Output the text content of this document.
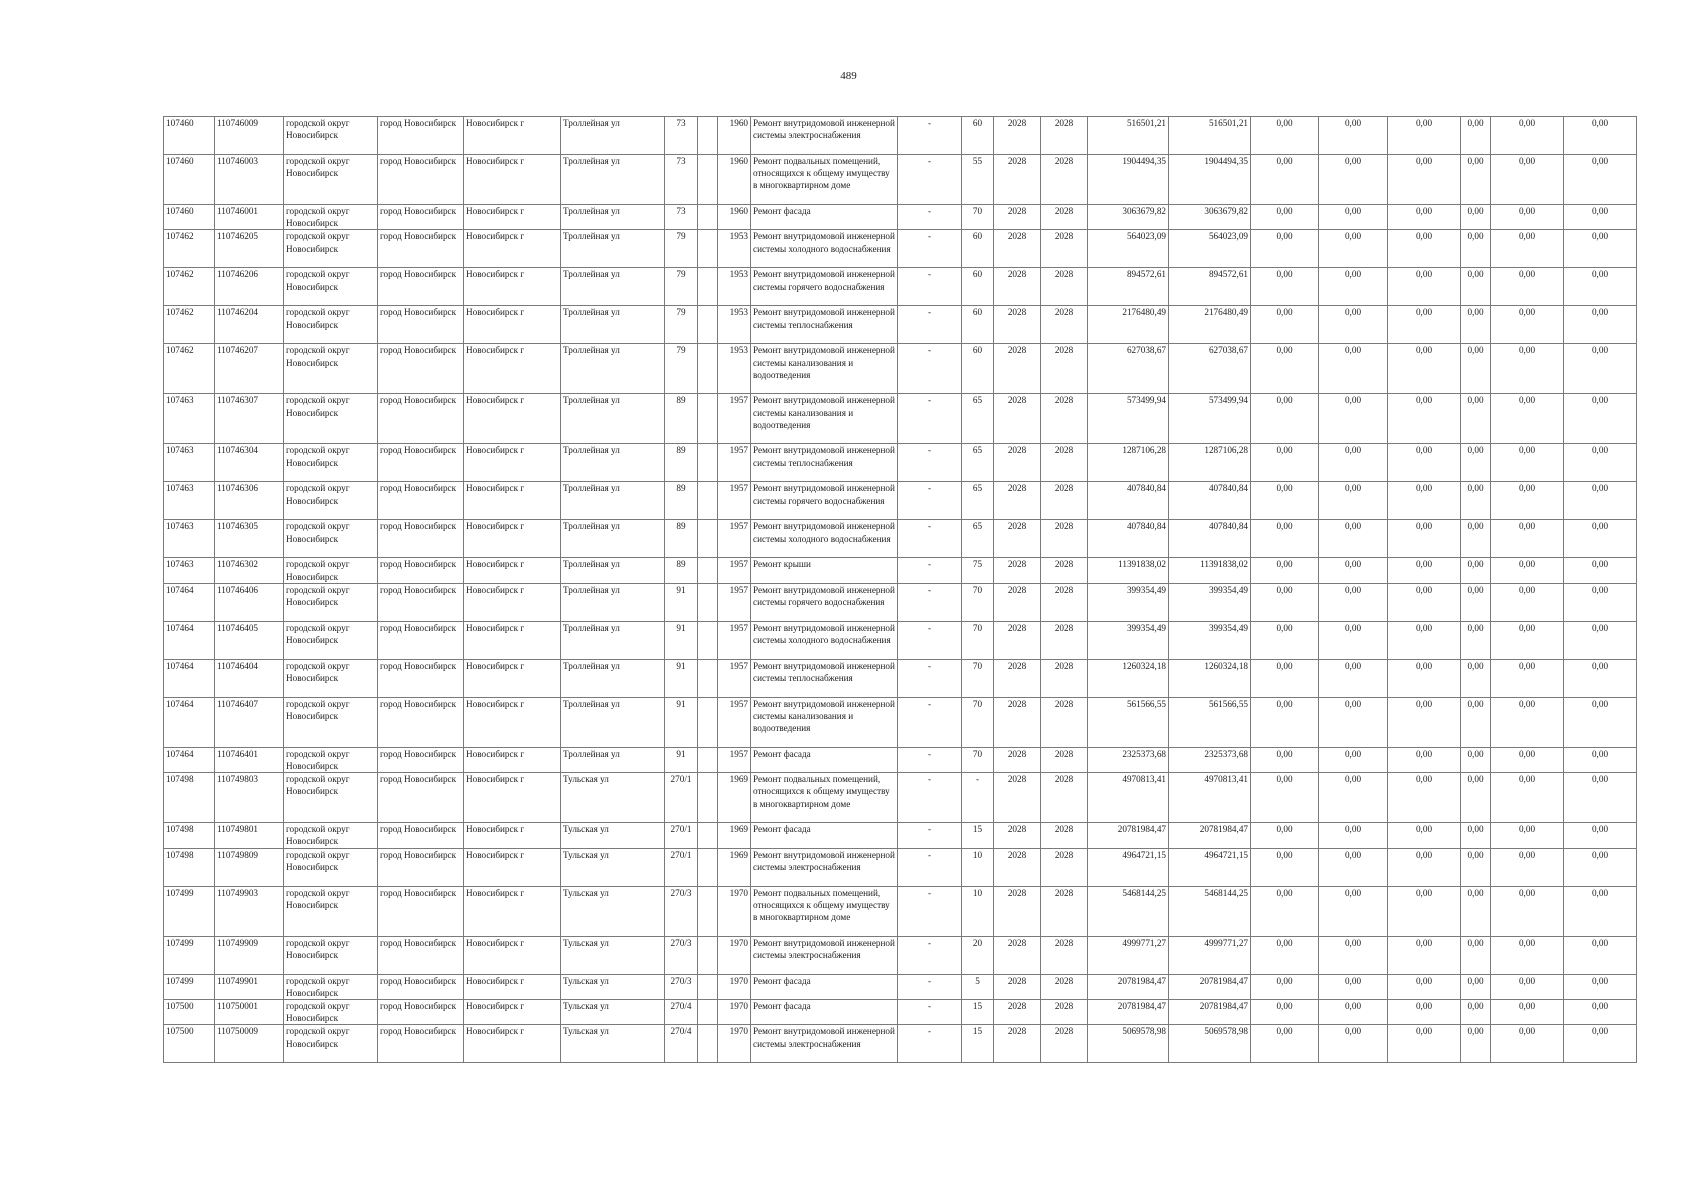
489
107460	110746009	городской округ Новосибирск	город Новосибирск	Новосибирск г	Троллейная ул	73		1960	Ремонт внутридомовой инженерной системы электроснабжения	-	60	2028	2028	516501,21	516501,21	0,00	0,00	0,00	0,00	0,00	0,00
107460	110746003	городской округ Новосибирск	город Новосибирск	Новосибирск г	Троллейная ул	73		1960	Ремонт подвальных помещений, относящихся к общему имуществу в многоквартирном доме	-	55	2028	2028	1904494,35	1904494,35	0,00	0,00	0,00	0,00	0,00	0,00
107460	110746001	городской округ Новосибирск	город Новосибирск	Новосибирск г	Троллейная ул	73		1960	Ремонт фасада	-	70	2028	2028	3063679,82	3063679,82	0,00	0,00	0,00	0,00	0,00	0,00
107462	110746205	городской округ Новосибирск	город Новосибирск	Новосибирск г	Троллейная ул	79		1953	Ремонт внутридомовой инженерной системы холодного водоснабжения	-	60	2028	2028	564023,09	564023,09	0,00	0,00	0,00	0,00	0,00	0,00
107462	110746206	городской округ Новосибирск	город Новосибирск	Новосибирск г	Троллейная ул	79		1953	Ремонт внутридомовой инженерной системы горячего водоснабжения	-	60	2028	2028	894572,61	894572,61	0,00	0,00	0,00	0,00	0,00	0,00
107462	110746204	городской округ Новосибирск	город Новосибирск	Новосибирск г	Троллейная ул	79		1953	Ремонт внутридомовой инженерной системы теплоснабжения	-	60	2028	2028	2176480,49	2176480,49	0,00	0,00	0,00	0,00	0,00	0,00
107462	110746207	городской округ Новосибирск	город Новосибирск	Новосибирск г	Троллейная ул	79		1953	Ремонт внутридомовой инженерной системы канализования и водоотведения	-	60	2028	2028	627038,67	627038,67	0,00	0,00	0,00	0,00	0,00	0,00
107463	110746307	городской округ Новосибирск	город Новосибирск	Новосибирск г	Троллейная ул	89		1957	Ремонт внутридомовой инженерной системы канализования и водоотведения	-	65	2028	2028	573499,94	573499,94	0,00	0,00	0,00	0,00	0,00	0,00
107463	110746304	городской округ Новосибирск	город Новосибирск	Новосибирск г	Троллейная ул	89		1957	Ремонт внутридомовой инженерной системы теплоснабжения	-	65	2028	2028	1287106,28	1287106,28	0,00	0,00	0,00	0,00	0,00	0,00
107463	110746306	городской округ Новосибирск	город Новосибирск	Новосибирск г	Троллейная ул	89		1957	Ремонт внутридомовой инженерной системы горячего водоснабжения	-	65	2028	2028	407840,84	407840,84	0,00	0,00	0,00	0,00	0,00	0,00
107463	110746305	городской округ Новосибирск	город Новосибирск	Новосибирск г	Троллейная ул	89		1957	Ремонт внутридомовой инженерной системы холодного водоснабжения	-	65	2028	2028	407840,84	407840,84	0,00	0,00	0,00	0,00	0,00	0,00
107463	110746302	городской округ Новосибирск	город Новосибирск	Новосибирск г	Троллейная ул	89		1957	Ремонт крыши	-	75	2028	2028	11391838,02	11391838,02	0,00	0,00	0,00	0,00	0,00	0,00
107464	110746406	городской округ Новосибирск	город Новосибирск	Новосибирск г	Троллейная ул	91		1957	Ремонт внутридомовой инженерной системы горячего водоснабжения	-	70	2028	2028	399354,49	399354,49	0,00	0,00	0,00	0,00	0,00	0,00
107464	110746405	городской округ Новосибирск	город Новосибирск	Новосибирск г	Троллейная ул	91		1957	Ремонт внутридомовой инженерной системы холодного водоснабжения	-	70	2028	2028	399354,49	399354,49	0,00	0,00	0,00	0,00	0,00	0,00
107464	110746404	городской округ Новосибирск	город Новосибирск	Новосибирск г	Троллейная ул	91		1957	Ремонт внутридомовой инженерной системы теплоснабжения	-	70	2028	2028	1260324,18	1260324,18	0,00	0,00	0,00	0,00	0,00	0,00
107464	110746407	городской округ Новосибирск	город Новосибирск	Новосибирск г	Троллейная ул	91		1957	Ремонт внутридомовой инженерной системы канализования и водоотведения	-	70	2028	2028	561566,55	561566,55	0,00	0,00	0,00	0,00	0,00	0,00
107464	110746401	городской округ Новосибирск	город Новосибирск	Новосибирск г	Троллейная ул	91		1957	Ремонт фасада	-	70	2028	2028	2325373,68	2325373,68	0,00	0,00	0,00	0,00	0,00	0,00
107498	110749803	городской округ Новосибирск	город Новосибирск	Новосибирск г	Тульская ул	270/1		1969	Ремонт подвальных помещений, относящихся к общему имуществу в многоквартирном доме	-	-	2028	2028	4970813,41	4970813,41	0,00	0,00	0,00	0,00	0,00	0,00
107498	110749801	городской округ Новосибирск	город Новосибирск	Новосибирск г	Тульская ул	270/1		1969	Ремонт фасада	-	15	2028	2028	20781984,47	20781984,47	0,00	0,00	0,00	0,00	0,00	0,00
107498	110749809	городской округ Новосибирск	город Новосибирск	Новосибирск г	Тульская ул	270/1		1969	Ремонт внутридомовой инженерной системы электроснабжения	-	10	2028	2028	4964721,15	4964721,15	0,00	0,00	0,00	0,00	0,00	0,00
107499	110749903	городской округ Новосибирск	город Новосибирск	Новосибирск г	Тульская ул	270/3		1970	Ремонт подвальных помещений, относящихся к общему имуществу в многоквартирном доме	-	10	2028	2028	5468144,25	5468144,25	0,00	0,00	0,00	0,00	0,00	0,00
107499	110749909	городской округ Новосибирск	город Новосибирск	Новосибирск г	Тульская ул	270/3		1970	Ремонт внутридомовой инженерной системы электроснабжения	-	20	2028	2028	4999771,27	4999771,27	0,00	0,00	0,00	0,00	0,00	0,00
107499	110749901	городской округ Новосибирск	город Новосибирск	Новосибирск г	Тульская ул	270/3		1970	Ремонт фасада	-	5	2028	2028	20781984,47	20781984,47	0,00	0,00	0,00	0,00	0,00	0,00
107500	110750001	городской округ Новосибирск	город Новосибирск	Новосибирск г	Тульская ул	270/4		1970	Ремонт фасада	-	15	2028	2028	20781984,47	20781984,47	0,00	0,00	0,00	0,00	0,00	0,00
107500	110750009	городской округ Новосибирск	город Новосибирск	Новосибирск г	Тульская ул	270/4		1970	Ремонт внутридомовой инженерной системы электроснабжения	-	15	2028	2028	5069578,98	5069578,98	0,00	0,00	0,00	0,00	0,00	0,00
